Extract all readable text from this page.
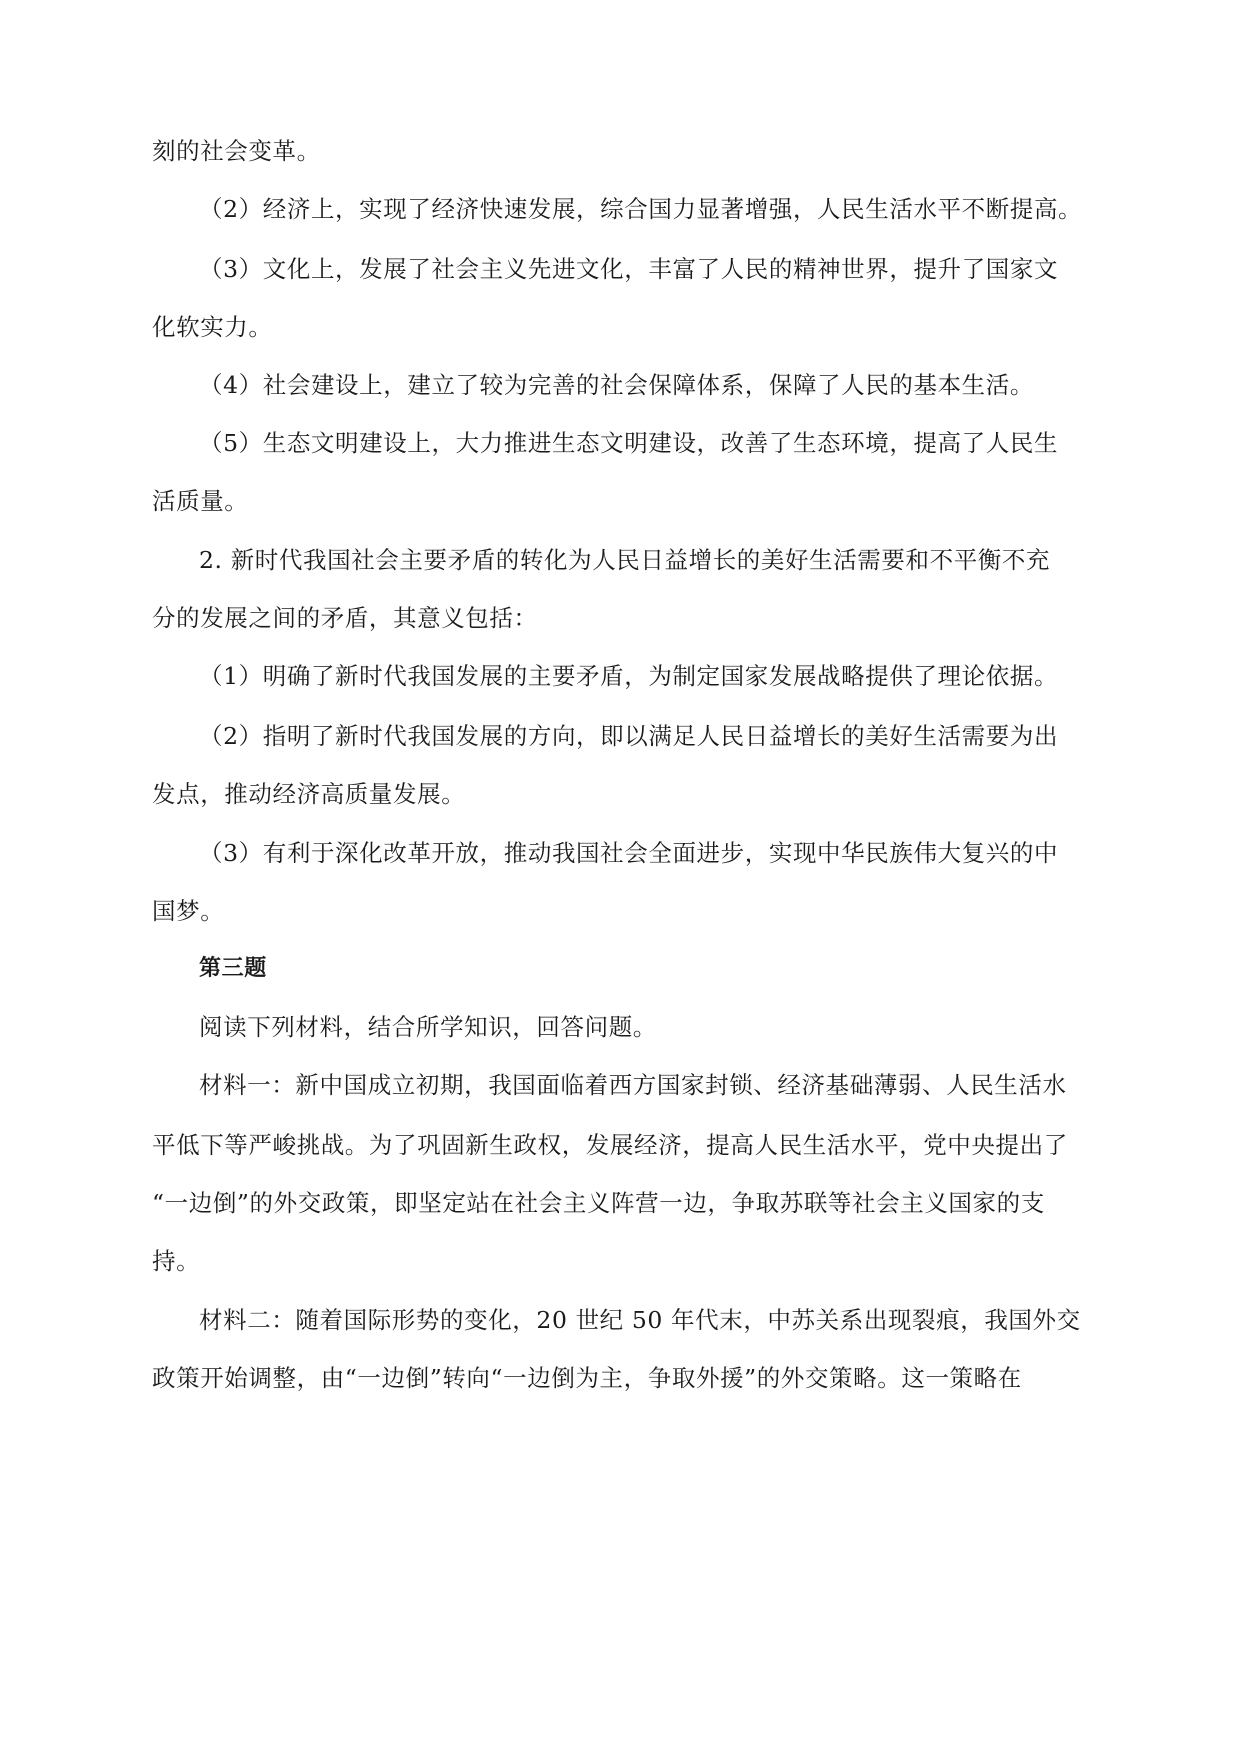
刻的社会变革。
（2）经济上，实现了经济快速发展，综合国力显著增强，人民生活水平不断提高。
（3）文化上，发展了社会主义先进文化，丰富了人民的精神世界，提升了国家文
化软实力。
（4）社会建设上，建立了较为完善的社会保障体系，保障了人民的基本生活。
（5）生态文明建设上，大力推进生态文明建设，改善了生态环境，提高了人民生
活质量。
2. 新时代我国社会主要矛盾的转化为人民日益增长的美好生活需要和不平衡不充
分的发展之间的矛盾，其意义包括：
（1）明确了新时代我国发展的主要矛盾，为制定国家发展战略提供了理论依据。
（2）指明了新时代我国发展的方向，即以满足人民日益增长的美好生活需要为出
发点，推动经济高质量发展。
（3）有利于深化改革开放，推动我国社会全面进步，实现中华民族伟大复兴的中
国梦。
第三题
阅读下列材料，结合所学知识，回答问题。
材料一：新中国成立初期，我国面临着西方国家封锁、经济基础薄弱、人民生活水
平低下等严峻挑战。为了巩固新生政权，发展经济，提高人民生活水平，党中央提出了
“一边倒”的外交政策，即坚定站在社会主义阵营一边，争取苏联等社会主义国家的支
持。
材料二：随着国际形势的变化，20 世纪 50 年代末，中苏关系出现裂痕，我国外交
政策开始调整，由“一边倒”转向“一边倒为主，争取外援”的外交策略。这一策略在
